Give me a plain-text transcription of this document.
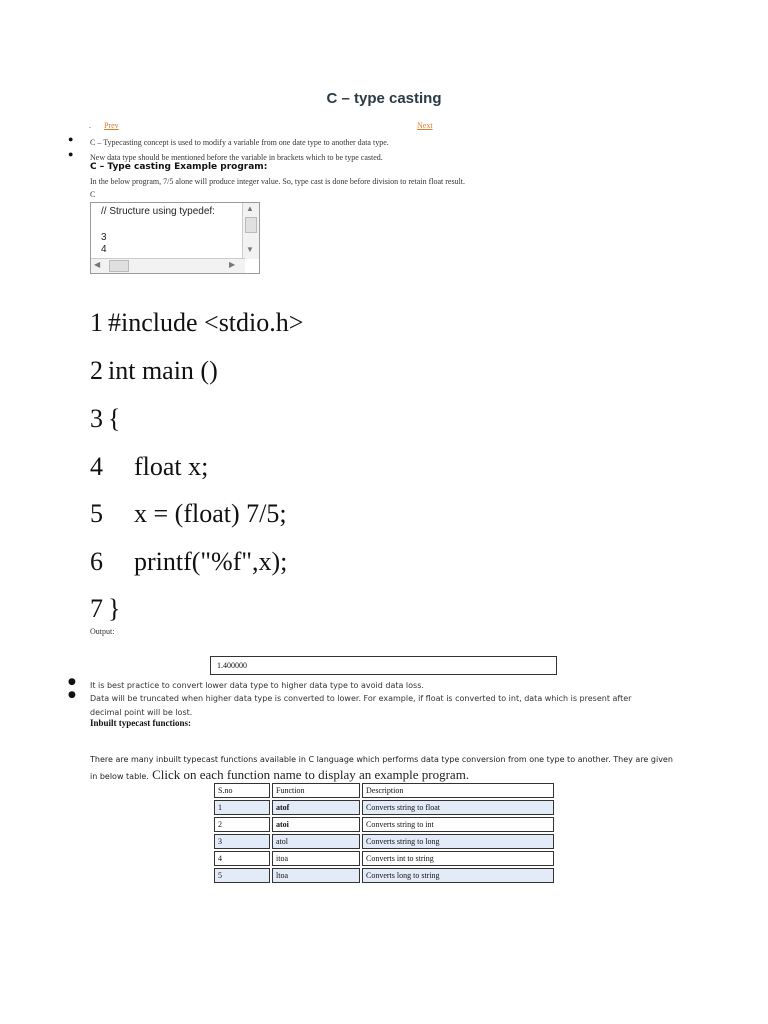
C – type casting
. Prev	Next
● C – Typecasting concept is used to modify a variable from one date type to another data type.
● New data type should be mentioned before the variable in brackets which to be type casted.
C – Type casting Example program:
In the below program, 7/5 alone will produce integer value. So, type cast is done before division to retain float result.
C
// Structure using typedef:
3
4
▲
▼
◀	▶
1 #include <stdio.h>
2 int main ()
3 {
4 float x;
5 x = (float) 7/5;
6 printf("%f",x);
7 }
Output:
1.400000
● It is best practice to convert lower data type to higher data type to avoid data loss.
● Data will be truncated when higher data type is converted to lower. For example, if float is converted to int, data which is present after decimal point will be lost.
Inbuilt typecast functions:
There are many inbuilt typecast functions available in C language which performs data type conversion from one type to another. They are given in below table. Click on each function name to display an example program.
S.no	Function	Description
1	atof	Converts string to float
2	atoi	Converts string to int
3	atol	Converts string to long
4	itoa	Converts int to string
5	ltoa	Converts long to string
